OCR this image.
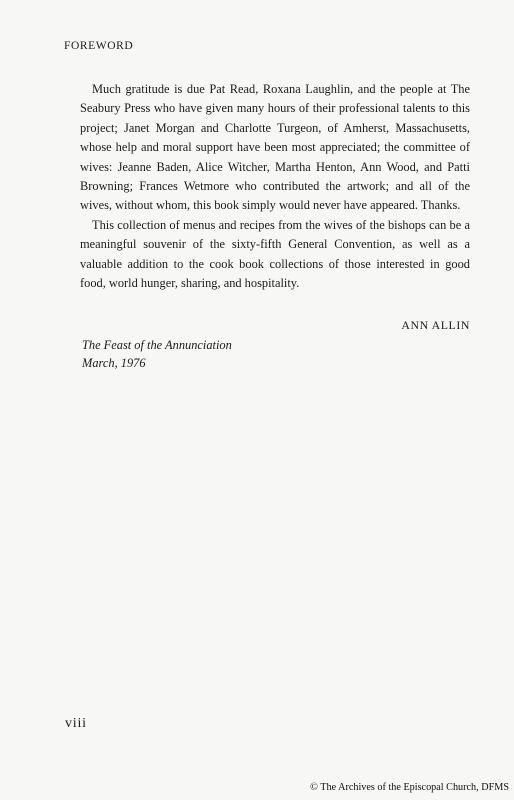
FOREWORD

Much gratitude is due Pat Read, Roxana Laughlin, and the people at The Seabury Press who have given many hours of their professional talents to this project; Janet Morgan and Charlotte Turgeon, of Amherst, Massachusetts, whose help and moral support have been most appreciated; the committee of wives: Jeanne Baden, Alice Witcher, Martha Henton, Ann Wood, and Patti Browning; Frances Wetmore who contributed the artwork; and all of the wives, without whom, this book simply would never have appeared. Thanks.

This collection of menus and recipes from the wives of the bishops can be a meaningful souvenir of the sixty-fifth General Convention, as well as a valuable addition to the cook book collections of those interested in good food, world hunger, sharing, and hospitality.

ANN ALLIN
The Feast of the Annunciation
March, 1976
viii
© The Archives of the Episcopal Church, DFMS
